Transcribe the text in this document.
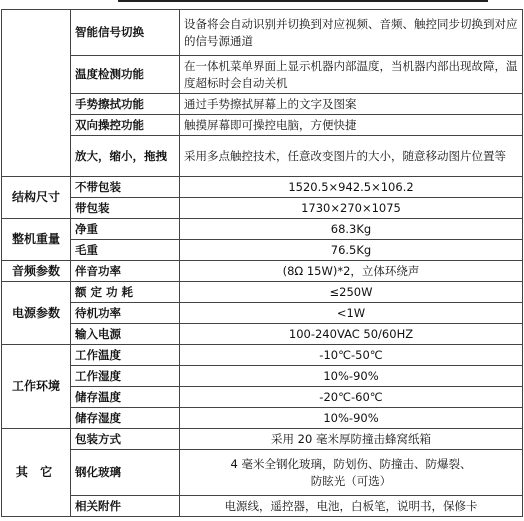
	智能信号切换	设备将会自动识别并切换到对应视频、音频、触控同步切换到对应的信号源通道
	温度检测功能	在一体机菜单界面上显示机器内部温度，当机器内部出现故障，温度超标时会自动关机
	手势擦拭功能	通过手势擦拭屏幕上的文字及图案
	双向操控功能	触摸屏幕即可操控电脑，方便快捷
	放大，缩小，拖拽	采用多点触控技术，任意改变图片的大小，随意移动图片位置等
结构尺寸	不带包装	1520.5×942.5×106.2
	带包装	1730×270×1075
整机重量	净重	68.3Kg
	毛重	76.5Kg
音频参数	伴音功率	(8Ω 15W)*2，立体环绕声
电源参数	额 定 功 耗	≤250W
	待机功率	<1W
	输入电源	100-240VAC 50/60HZ
工作环境	工作温度	-10℃-50℃
	工作湿度	10%-90%
	储存温度	-20℃-60℃
	储存湿度	10%-90%
其 它	包装方式	采用 20 毫米厚防撞击蜂窝纸箱
	钢化玻璃	4 毫米全钢化玻璃，防划伤、防撞击、防爆裂、防眩光（可选）
	相关附件	电源线，遥控器，电池，白板笔，说明书，保修卡
